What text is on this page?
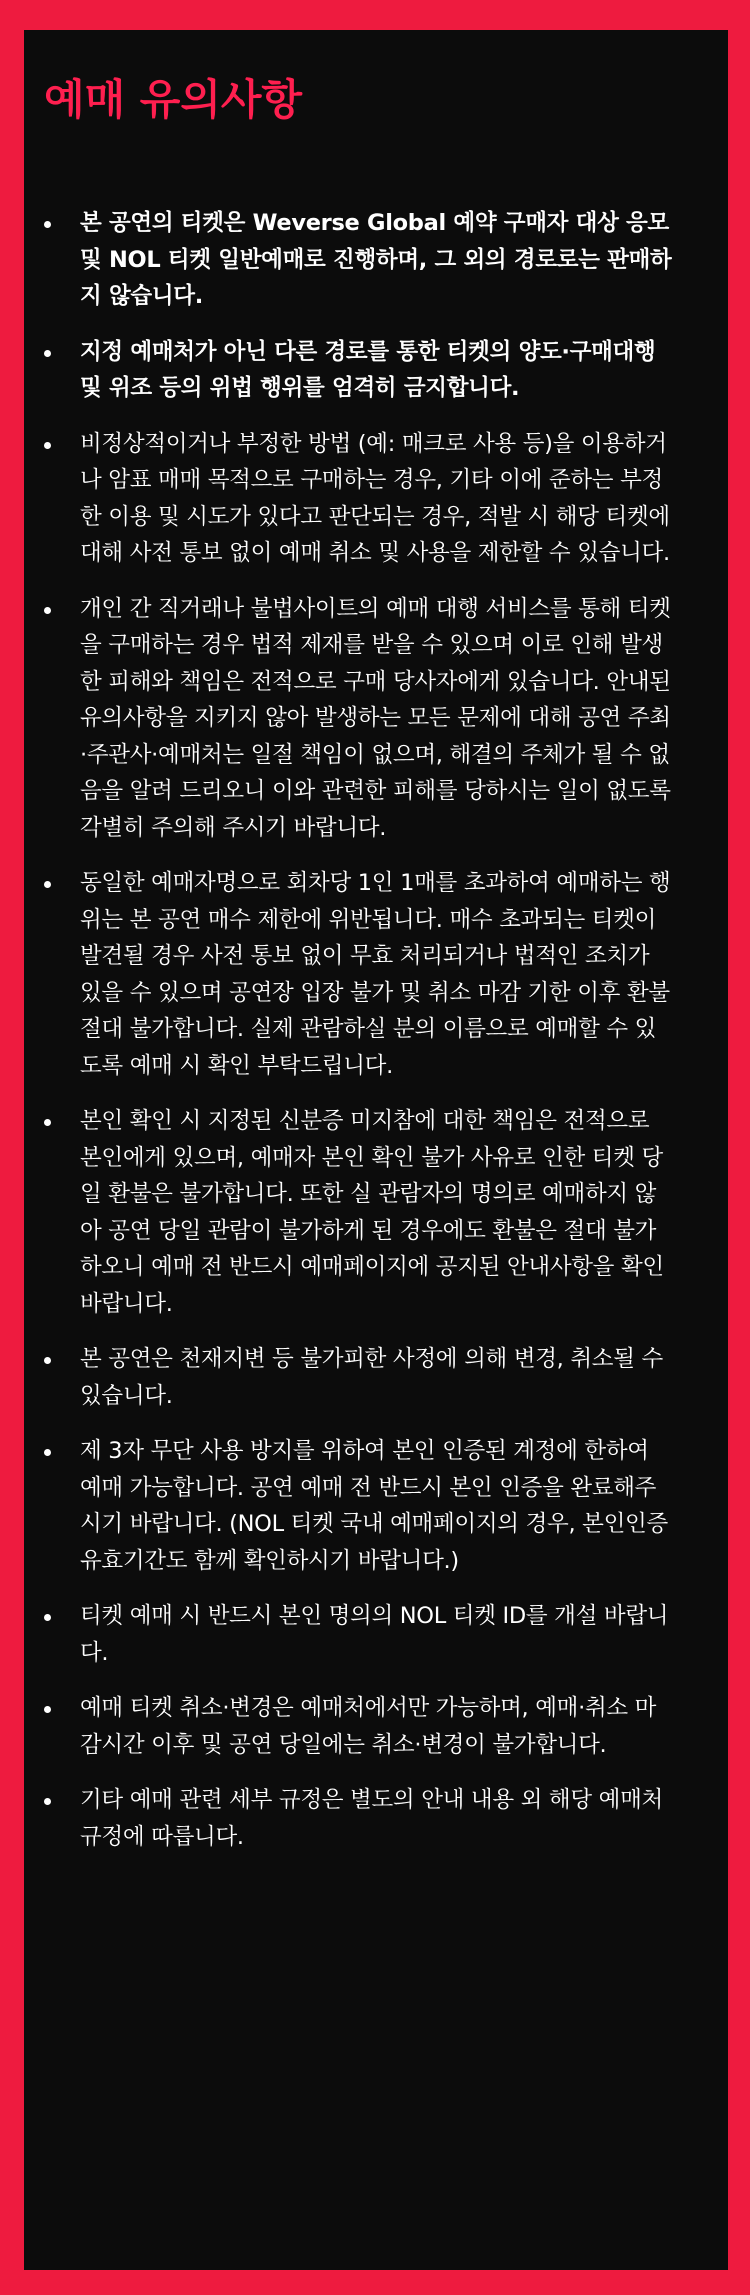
예매 유의사항
본 공연의 티켓은 Weverse Global 예약 구매자 대상 응모 및 NOL 티켓 일반예매로 진행하며, 그 외의 경로로는 판매하지 않습니다.
지정 예매처가 아닌 다른 경로를 통한 티켓의 양도·구매대행 및 위조 등의 위법 행위를 엄격히 금지합니다.
비정상적이거나 부정한 방법 (예: 매크로 사용 등)을 이용하거나 암표 매매 목적으로 구매하는 경우, 기타 이에 준하는 부정한 이용 및 시도가 있다고 판단되는 경우, 적발 시 해당 티켓에 대해 사전 통보 없이 예매 취소 및 사용을 제한할 수 있습니다.
개인 간 직거래나 불법사이트의 예매 대행 서비스를 통해 티켓을 구매하는 경우 법적 제재를 받을 수 있으며 이로 인해 발생한 피해와 책임은 전적으로 구매 당사자에게 있습니다. 안내된 유의사항을 지키지 않아 발생하는 모든 문제에 대해 공연 주최·주관사·예매처는 일절 책임이 없으며, 해결의 주체가 될 수 없음을 알려 드리오니 이와 관련한 피해를 당하시는 일이 없도록 각별히 주의해 주시기 바랍니다.
동일한 예매자명으로 회차당 1인 1매를 초과하여 예매하는 행위는 본 공연 매수 제한에 위반됩니다. 매수 초과되는 티켓이 발견될 경우 사전 통보 없이 무효 처리되거나 법적인 조치가 있을 수 있으며 공연장 입장 불가 및 취소 마감 기한 이후 환불 절대 불가합니다. 실제 관람하실 분의 이름으로 예매할 수 있도록 예매 시 확인 부탁드립니다.
본인 확인 시 지정된 신분증 미지참에 대한 책임은 전적으로 본인에게 있으며, 예매자 본인 확인 불가 사유로 인한 티켓 당일 환불은 불가합니다. 또한 실 관람자의 명의로 예매하지 않아 공연 당일 관람이 불가하게 된 경우에도 환불은 절대 불가하오니 예매 전 반드시 예매페이지에 공지된 안내사항을 확인바랍니다.
본 공연은 천재지변 등 불가피한 사정에 의해 변경, 취소될 수 있습니다.
제 3자 무단 사용 방지를 위하여 본인 인증된 계정에 한하여 예매 가능합니다. 공연 예매 전 반드시 본인 인증을 완료해주시기 바랍니다. (NOL 티켓 국내 예매페이지의 경우, 본인인증 유효기간도 함께 확인하시기 바랍니다.)
티켓 예매 시 반드시 본인 명의의 NOL 티켓 ID를 개설 바랍니다.
예매 티켓 취소·변경은 예매처에서만 가능하며, 예매·취소 마감시간 이후 및 공연 당일에는 취소·변경이 불가합니다.
기타 예매 관련 세부 규정은 별도의 안내 내용 외 해당 예매처 규정에 따릅니다.
